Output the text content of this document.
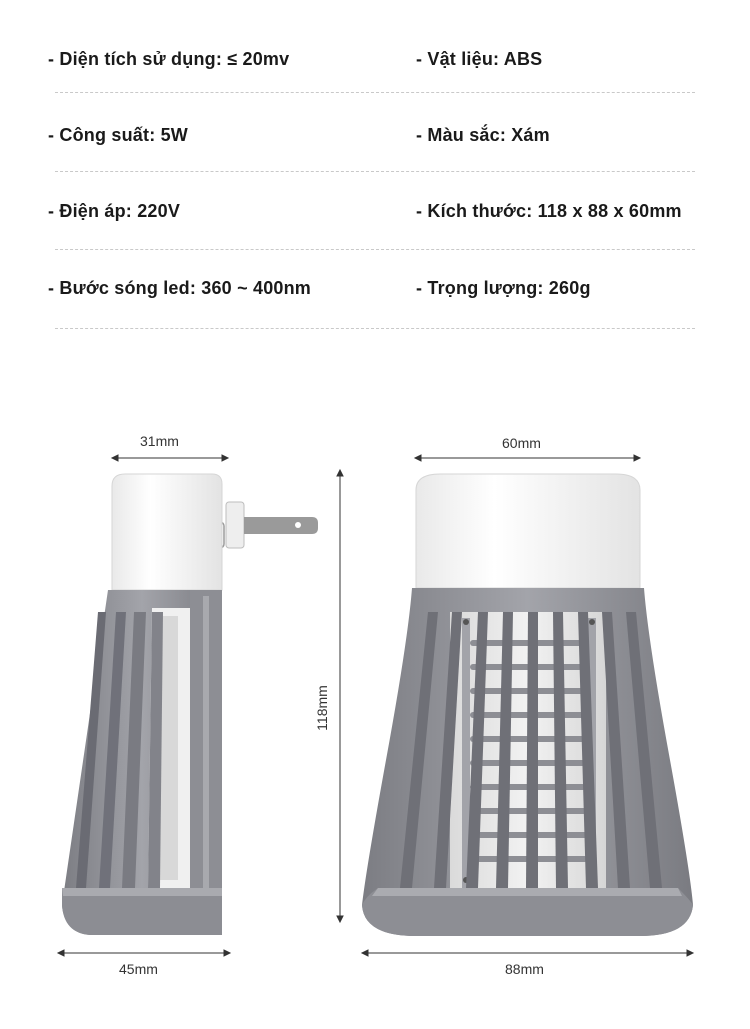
- Diện tích sử dụng: ≤ 20mv	- Vật liệu: ABS
- Công suất: 5W	- Màu sắc: Xám
- Điện áp: 220V	- Kích thước: 118 x 88 x 60mm
- Bước sóng led: 360 ~ 400nm	- Trọng lượng: 260g
31mm
45mm
60mm
88mm
118mm
